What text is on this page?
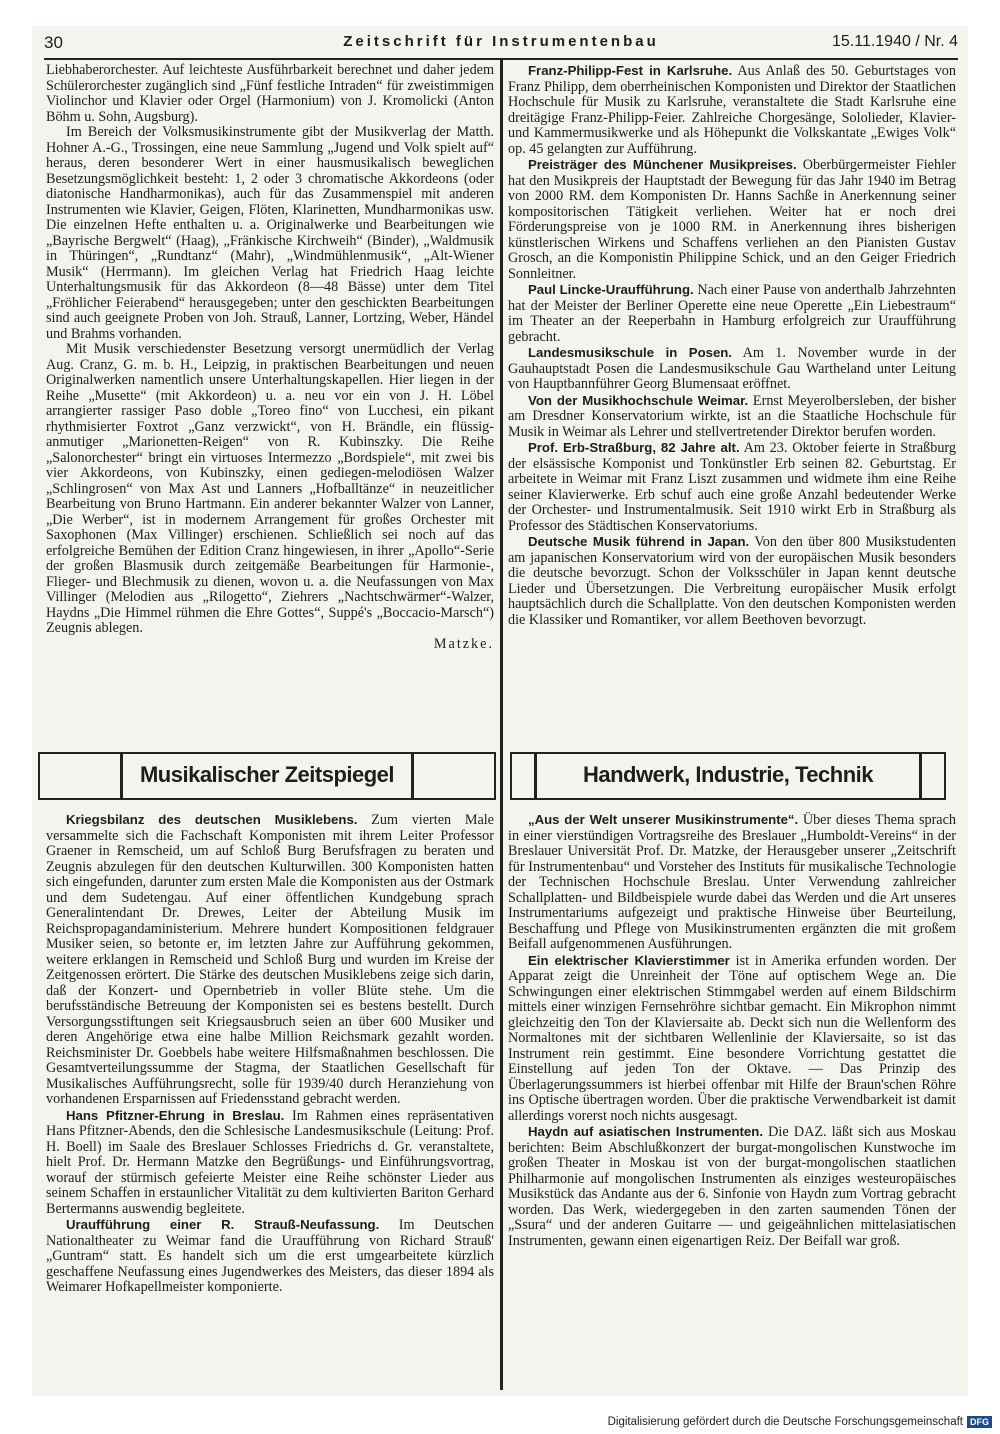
30	Zeitschrift für Instrumentenbau	15.11.1940 / Nr. 4

Liebhaberorchester. Auf leichteste Ausführbarkeit berechnet und daher jedem Schülerorchester zugänglich sind „Fünf festliche Intraden“ für zweistimmigen Violinchor und Klavier oder Orgel (Harmonium) von J. Kromolicki (Anton Böhm u. Sohn, Augsburg).

Im Bereich der Volksmusikinstrumente gibt der Musikverlag der Matth. Hohner A.-G., Trossingen, eine neue Sammlung „Jugend und Volk spielt auf“ heraus, deren besonderer Wert in einer hausmusikalisch beweglichen Besetzungsmöglichkeit besteht: 1, 2 oder 3 chromatische Akkordeons (oder diatonische Handharmonikas), auch für das Zusammenspiel mit anderen Instrumenten wie Klavier, Geigen, Flöten, Klarinetten, Mundharmonikas usw. Die einzelnen Hefte enthalten u. a. Originalwerke und Bearbeitungen wie „Bayrische Bergwelt“ (Haag), „Fränkische Kirchweih“ (Binder), „Waldmusik in Thüringen“, „Rundtanz“ (Mahr), „Windmühlenmusik“, „Alt-Wiener Musik“ (Herrmann). Im gleichen Verlag hat Friedrich Haag leichte Unterhaltungsmusik für das Akkordeon (8—48 Bässe) unter dem Titel „Fröhlicher Feierabend“ herausgegeben; unter den geschickten Bearbeitungen sind auch geeignete Proben von Joh. Strauß, Lanner, Lortzing, Weber, Händel und Brahms vorhanden.

Mit Musik verschiedenster Besetzung versorgt unermüdlich der Verlag Aug. Cranz, G. m. b. H., Leipzig, in praktischen Bearbeitungen und neuen Originalwerken namentlich unsere Unterhaltungskapellen. Hier liegen in der Reihe „Musette“ (mit Akkordeon) u. a. neu vor ein von J. H. Löbel arrangierter rassiger Paso doble „Toreo fino“ von Lucchesi, ein pikant rhythmisierter Foxtrot „Ganz verzwickt“, von H. Brändle, ein flüssig-anmutiger „Marionetten-Reigen“ von R. Kubinszky. Die Reihe „Salonorchester“ bringt ein virtuoses Intermezzo „Bordspiele“, mit zwei bis vier Akkordeons, von Kubinszky, einen gediegen-melodiösen Walzer „Schlingrosen“ von Max Ast und Lanners „Hofballtänze“ in neuzeitlicher Bearbeitung von Bruno Hartmann. Ein anderer bekannter Walzer von Lanner, „Die Werber“, ist in modernem Arrangement für großes Orchester mit Saxophonen (Max Villinger) erschienen. Schließlich sei noch auf das erfolgreiche Bemühen der Edition Cranz hingewiesen, in ihrer „Apollo“-Serie der großen Blasmusik durch zeitgemäße Bearbeitungen für Harmonie-, Flieger- und Blechmusik zu dienen, wovon u. a. die Neufassungen von Max Villinger (Melodien aus „Rilogetto“, Ziehrers „Nachtschwärmer“-Walzer, Haydns „Die Himmel rühmen die Ehre Gottes“, Suppé's „Boccacio-Marsch“) Zeugnis ablegen.

Matzke.

Franz-Philipp-Fest in Karlsruhe. Aus Anlaß des 50. Geburtstages von Franz Philipp, dem oberrheinischen Komponisten und Direktor der Staatlichen Hochschule für Musik zu Karlsruhe, veranstaltete die Stadt Karlsruhe eine dreitägige Franz-Philipp-Feier. Zahlreiche Chorgesänge, Sololieder, Klavier- und Kammermusikwerke und als Höhepunkt die Volkskantate „Ewiges Volk“ op. 45 gelangten zur Aufführung.

Preisträger des Münchener Musikpreises. Oberbürgermeister Fiehler hat den Musikpreis der Hauptstadt der Bewegung für das Jahr 1940 im Betrag von 2000 RM. dem Komponisten Dr. Hanns Sachße in Anerkennung seiner kompositorischen Tätigkeit verliehen. Weiter hat er noch drei Förderungspreise von je 1000 RM. in Anerkennung ihres bisherigen künstlerischen Wirkens und Schaffens verliehen an den Pianisten Gustav Grosch, an die Komponistin Philippine Schick, und an den Geiger Friedrich Sonnleitner.

Paul Lincke-Uraufführung. Nach einer Pause von anderthalb Jahrzehnten hat der Meister der Berliner Operette eine neue Operette „Ein Liebestraum“ im Theater an der Reeperbahn in Hamburg erfolgreich zur Uraufführung gebracht.

Landesmusikschule in Posen. Am 1. November wurde in der Gauhauptstadt Posen die Landesmusikschule Gau Wartheland unter Leitung von Hauptbannführer Georg Blumensaat eröffnet.

Von der Musikhochschule Weimar. Ernst Meyerolbersleben, der bisher am Dresdner Konservatorium wirkte, ist an die Staatliche Hochschule für Musik in Weimar als Lehrer und stellvertretender Direktor berufen worden.

Prof. Erb-Straßburg, 82 Jahre alt. Am 23. Oktober feierte in Straßburg der elsässische Komponist und Tonkünstler Erb seinen 82. Geburtstag. Er arbeitete in Weimar mit Franz Liszt zusammen und widmete ihm eine Reihe seiner Klavierwerke. Erb schuf auch eine große Anzahl bedeutender Werke der Orchester- und Instrumentalmusik. Seit 1910 wirkt Erb in Straßburg als Professor des Städtischen Konservatoriums.

Deutsche Musik führend in Japan. Von den über 800 Musikstudenten am japanischen Konservatorium wird von der europäischen Musik besonders die deutsche bevorzugt. Schon der Volksschüler in Japan kennt deutsche Lieder und Übersetzungen. Die Verbreitung europäischer Musik erfolgt hauptsächlich durch die Schallplatte. Von den deutschen Komponisten werden die Klassiker und Romantiker, vor allem Beethoven bevorzugt.

Musikalischer Zeitspiegel	Handwerk, Industrie, Technik

Kriegsbilanz des deutschen Musiklebens. Zum vierten Male versammelte sich die Fachschaft Komponisten mit ihrem Leiter Professor Graener in Remscheid, um auf Schloß Burg Berufsfragen zu beraten und Zeugnis abzulegen für den deutschen Kulturwillen. 300 Komponisten hatten sich eingefunden, darunter zum ersten Male die Komponisten aus der Ostmark und dem Sudetengau. Auf einer öffentlichen Kundgebung sprach Generalintendant Dr. Drewes, Leiter der Abteilung Musik im Reichspropagandaministerium. Mehrere hundert Kompositionen feldgrauer Musiker seien, so betonte er, im letzten Jahre zur Aufführung gekommen, weitere erklangen in Remscheid und Schloß Burg und wurden im Kreise der Zeitgenossen erörtert. Die Stärke des deutschen Musiklebens zeige sich darin, daß der Konzert- und Opernbetrieb in voller Blüte stehe. Um die berufsständische Betreuung der Komponisten sei es bestens bestellt. Durch Versorgungsstiftungen seit Kriegsausbruch seien an über 600 Musiker und deren Angehörige etwa eine halbe Million Reichsmark gezahlt worden. Reichsminister Dr. Goebbels habe weitere Hilfsmaßnahmen beschlossen. Die Gesamtverteilungssumme der Stagma, der Staatlichen Gesellschaft für Musikalisches Aufführungsrecht, solle für 1939/40 durch Heranziehung von vorhandenen Ersparnissen auf Friedensstand gebracht werden.

Hans Pfitzner-Ehrung in Breslau. Im Rahmen eines repräsentativen Hans Pfitzner-Abends, den die Schlesische Landesmusikschule (Leitung: Prof. H. Boell) im Saale des Breslauer Schlosses Friedrichs d. Gr. veranstaltete, hielt Prof. Dr. Hermann Matzke den Begrüßungs- und Einführungsvortrag, worauf der stürmisch gefeierte Meister eine Reihe schönster Lieder aus seinem Schaffen in erstaunlicher Vitalität zu dem kultivierten Bariton Gerhard Bertermanns auswendig begleitete.

Uraufführung einer R. Strauß-Neufassung. Im Deutschen Nationaltheater zu Weimar fand die Uraufführung von Richard Strauß' „Guntram“ statt. Es handelt sich um die erst umgearbeitete kürzlich geschaffene Neufassung eines Jugendwerkes des Meisters, das dieser 1894 als Weimarer Hofkapellmeister komponierte.

„Aus der Welt unserer Musikinstrumente“. Über dieses Thema sprach in einer vierstündigen Vortragsreihe des Breslauer „Humboldt-Vereins“ in der Breslauer Universität Prof. Dr. Matzke, der Herausgeber unserer „Zeitschrift für Instrumentenbau“ und Vorsteher des Instituts für musikalische Technologie der Technischen Hochschule Breslau. Unter Verwendung zahlreicher Schallplatten- und Bildbeispiele wurde dabei das Werden und die Art unseres Instrumentariums aufgezeigt und praktische Hinweise über Beurteilung, Beschaffung und Pflege von Musikinstrumenten ergänzten die mit großem Beifall aufgenommenen Ausführungen.

Ein elektrischer Klavierstimmer ist in Amerika erfunden worden. Der Apparat zeigt die Unreinheit der Töne auf optischem Wege an. Die Schwingungen einer elektrischen Stimmgabel werden auf einem Bildschirm mittels einer winzigen Fernsehröhre sichtbar gemacht. Ein Mikrophon nimmt gleichzeitig den Ton der Klaviersaite ab. Deckt sich nun die Wellenform des Normaltones mit der sichtbaren Wellenlinie der Klaviersaite, so ist das Instrument rein gestimmt. Eine besondere Vorrichtung gestattet die Einstellung auf jeden Ton der Oktave. — Das Prinzip des Überlagerungssummers ist hierbei offenbar mit Hilfe der Braun'schen Röhre ins Optische übertragen worden. Über die praktische Verwendbarkeit ist damit allerdings vorerst noch nichts ausgesagt.

Haydn auf asiatischen Instrumenten. Die DAZ. läßt sich aus Moskau berichten: Beim Abschlußkonzert der burgat-mongolischen Kunstwoche im großen Theater in Moskau ist von der burgat-mongolischen staatlichen Philharmonie auf mongolischen Instrumenten als einziges westeuropäisches Musikstück das Andante aus der 6. Sinfonie von Haydn zum Vortrag gebracht worden. Das Werk, wiedergegeben in den zarten saumenden Tönen der „Ssura“ und der anderen Guitarre — und geigeähnlichen mittelasiatischen Instrumenten, gewann einen eigenartigen Reiz. Der Beifall war groß.

Digitalisierung gefördert durch die Deutsche Forschungsgemeinschaft DFG
